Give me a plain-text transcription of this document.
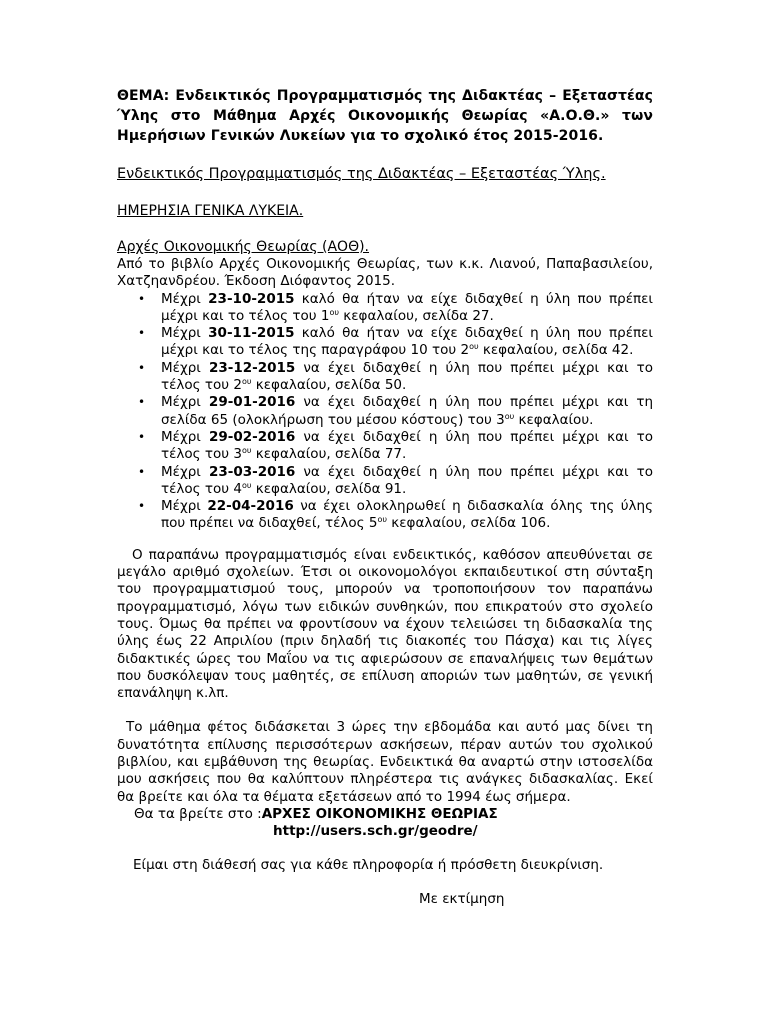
ΘΕΜΑ: Ενδεικτικός Προγραμματισμός της Διδακτέας – Εξεταστέας Ύλης στο Μάθημα Αρχές Οικονομικής Θεωρίας «Α.Ο.Θ.» των Ημερήσιων Γενικών Λυκείων για το σχολικό έτος 2015-2016.

Ενδεικτικός Προγραμματισμός της Διδακτέας – Εξεταστέας Ύλης.

ΗΜΕΡΗΣΙΑ ΓΕΝΙΚΑ ΛΥΚΕΙΑ.

Αρχές Οικονομικής Θεωρίας (ΑΟΘ).

Από το βιβλίο Αρχές Οικονομικής Θεωρίας, των κ.κ. Λιανού, Παπαβασιλείου, Χατζηανδρέου. Έκδοση Διόφαντος 2015.

• Μέχρι 23-10-2015 καλό θα ήταν να είχε διδαχθεί η ύλη που πρέπει μέχρι και το τέλος του $1^{o\upsilon}$ κεφαλαίου, σελίδα 27.
• Μέχρι 30-11-2015 καλό θα ήταν να είχε διδαχθεί η ύλη που πρέπει μέχρι και το τέλος της παραγράφου 10 του $2^{o\upsilon}$ κεφαλαίου, σελίδα 42.
• Μέχρι 23-12-2015 να έχει διδαχθεί η ύλη που πρέπει μέχρι και το τέλος του $2^{o\upsilon}$ κεφαλαίου, σελίδα 50.
• Μέχρι 29-01-2016 να έχει διδαχθεί η ύλη που πρέπει μέχρι και τη σελίδα 65 (ολοκλήρωση του μέσου κόστους) του $3^{o\upsilon}$ κεφαλαίου.
• Μέχρι 29-02-2016 να έχει διδαχθεί η ύλη που πρέπει μέχρι και το τέλος του $3^{o\upsilon}$ κεφαλαίου, σελίδα 77.
• Μέχρι 23-03-2016 να έχει διδαχθεί η ύλη που πρέπει μέχρι και το τέλος του $4^{o\upsilon}$ κεφαλαίου, σελίδα 91.
• Μέχρι 22-04-2016 να έχει ολοκληρωθεί η διδασκαλία όλης της ύλης που πρέπει να διδαχθεί, τέλος $5^{o\upsilon}$ κεφαλαίου, σελίδα 106.

Ο παραπάνω προγραμματισμός είναι ενδεικτικός, καθόσον απευθύνεται σε μεγάλο αριθμό σχολείων. Έτσι οι οικονομολόγοι εκπαιδευτικοί στη σύνταξη του προγραμματισμού τους, μπορούν να τροποποιήσουν τον παραπάνω προγραμματισμό, λόγω των ειδικών συνθηκών, που επικρατούν στο σχολείο τους. Όμως θα πρέπει να φροντίσουν να έχουν τελειώσει τη διδασκαλία της ύλης έως 22 Απριλίου (πριν δηλαδή τις διακοπές του Πάσχα) και τις λίγες διδακτικές ώρες του Μαΐου να τις αφιερώσουν σε επαναλήψεις των θεμάτων που δυσκόλεψαν τους μαθητές, σε επίλυση αποριών των μαθητών, σε γενική επανάληψη κ.λπ.

Το μάθημα φέτος διδάσκεται 3 ώρες την εβδομάδα και αυτό μας δίνει τη δυνατότητα επίλυσης περισσότερων ασκήσεων, πέραν αυτών του σχολικού βιβλίου, και εμβάθυνση της θεωρίας. Ενδεικτικά θα αναρτώ στην ιστοσελίδα μου ασκήσεις που θα καλύπτουν πληρέστερα τις ανάγκες διδασκαλίας. Εκεί θα βρείτε και όλα τα θέματα εξετάσεων από το 1994 έως σήμερα.

Θα τα βρείτε στο :ΑΡΧΕΣ ΟΙΚΟΝΟΜΙΚΗΣ ΘΕΩΡΙΑΣ

http://users.sch.gr/geodre/

Είμαι στη διάθεσή σας για κάθε πληροφορία ή πρόσθετη διευκρίνιση.

Με εκτίμηση
